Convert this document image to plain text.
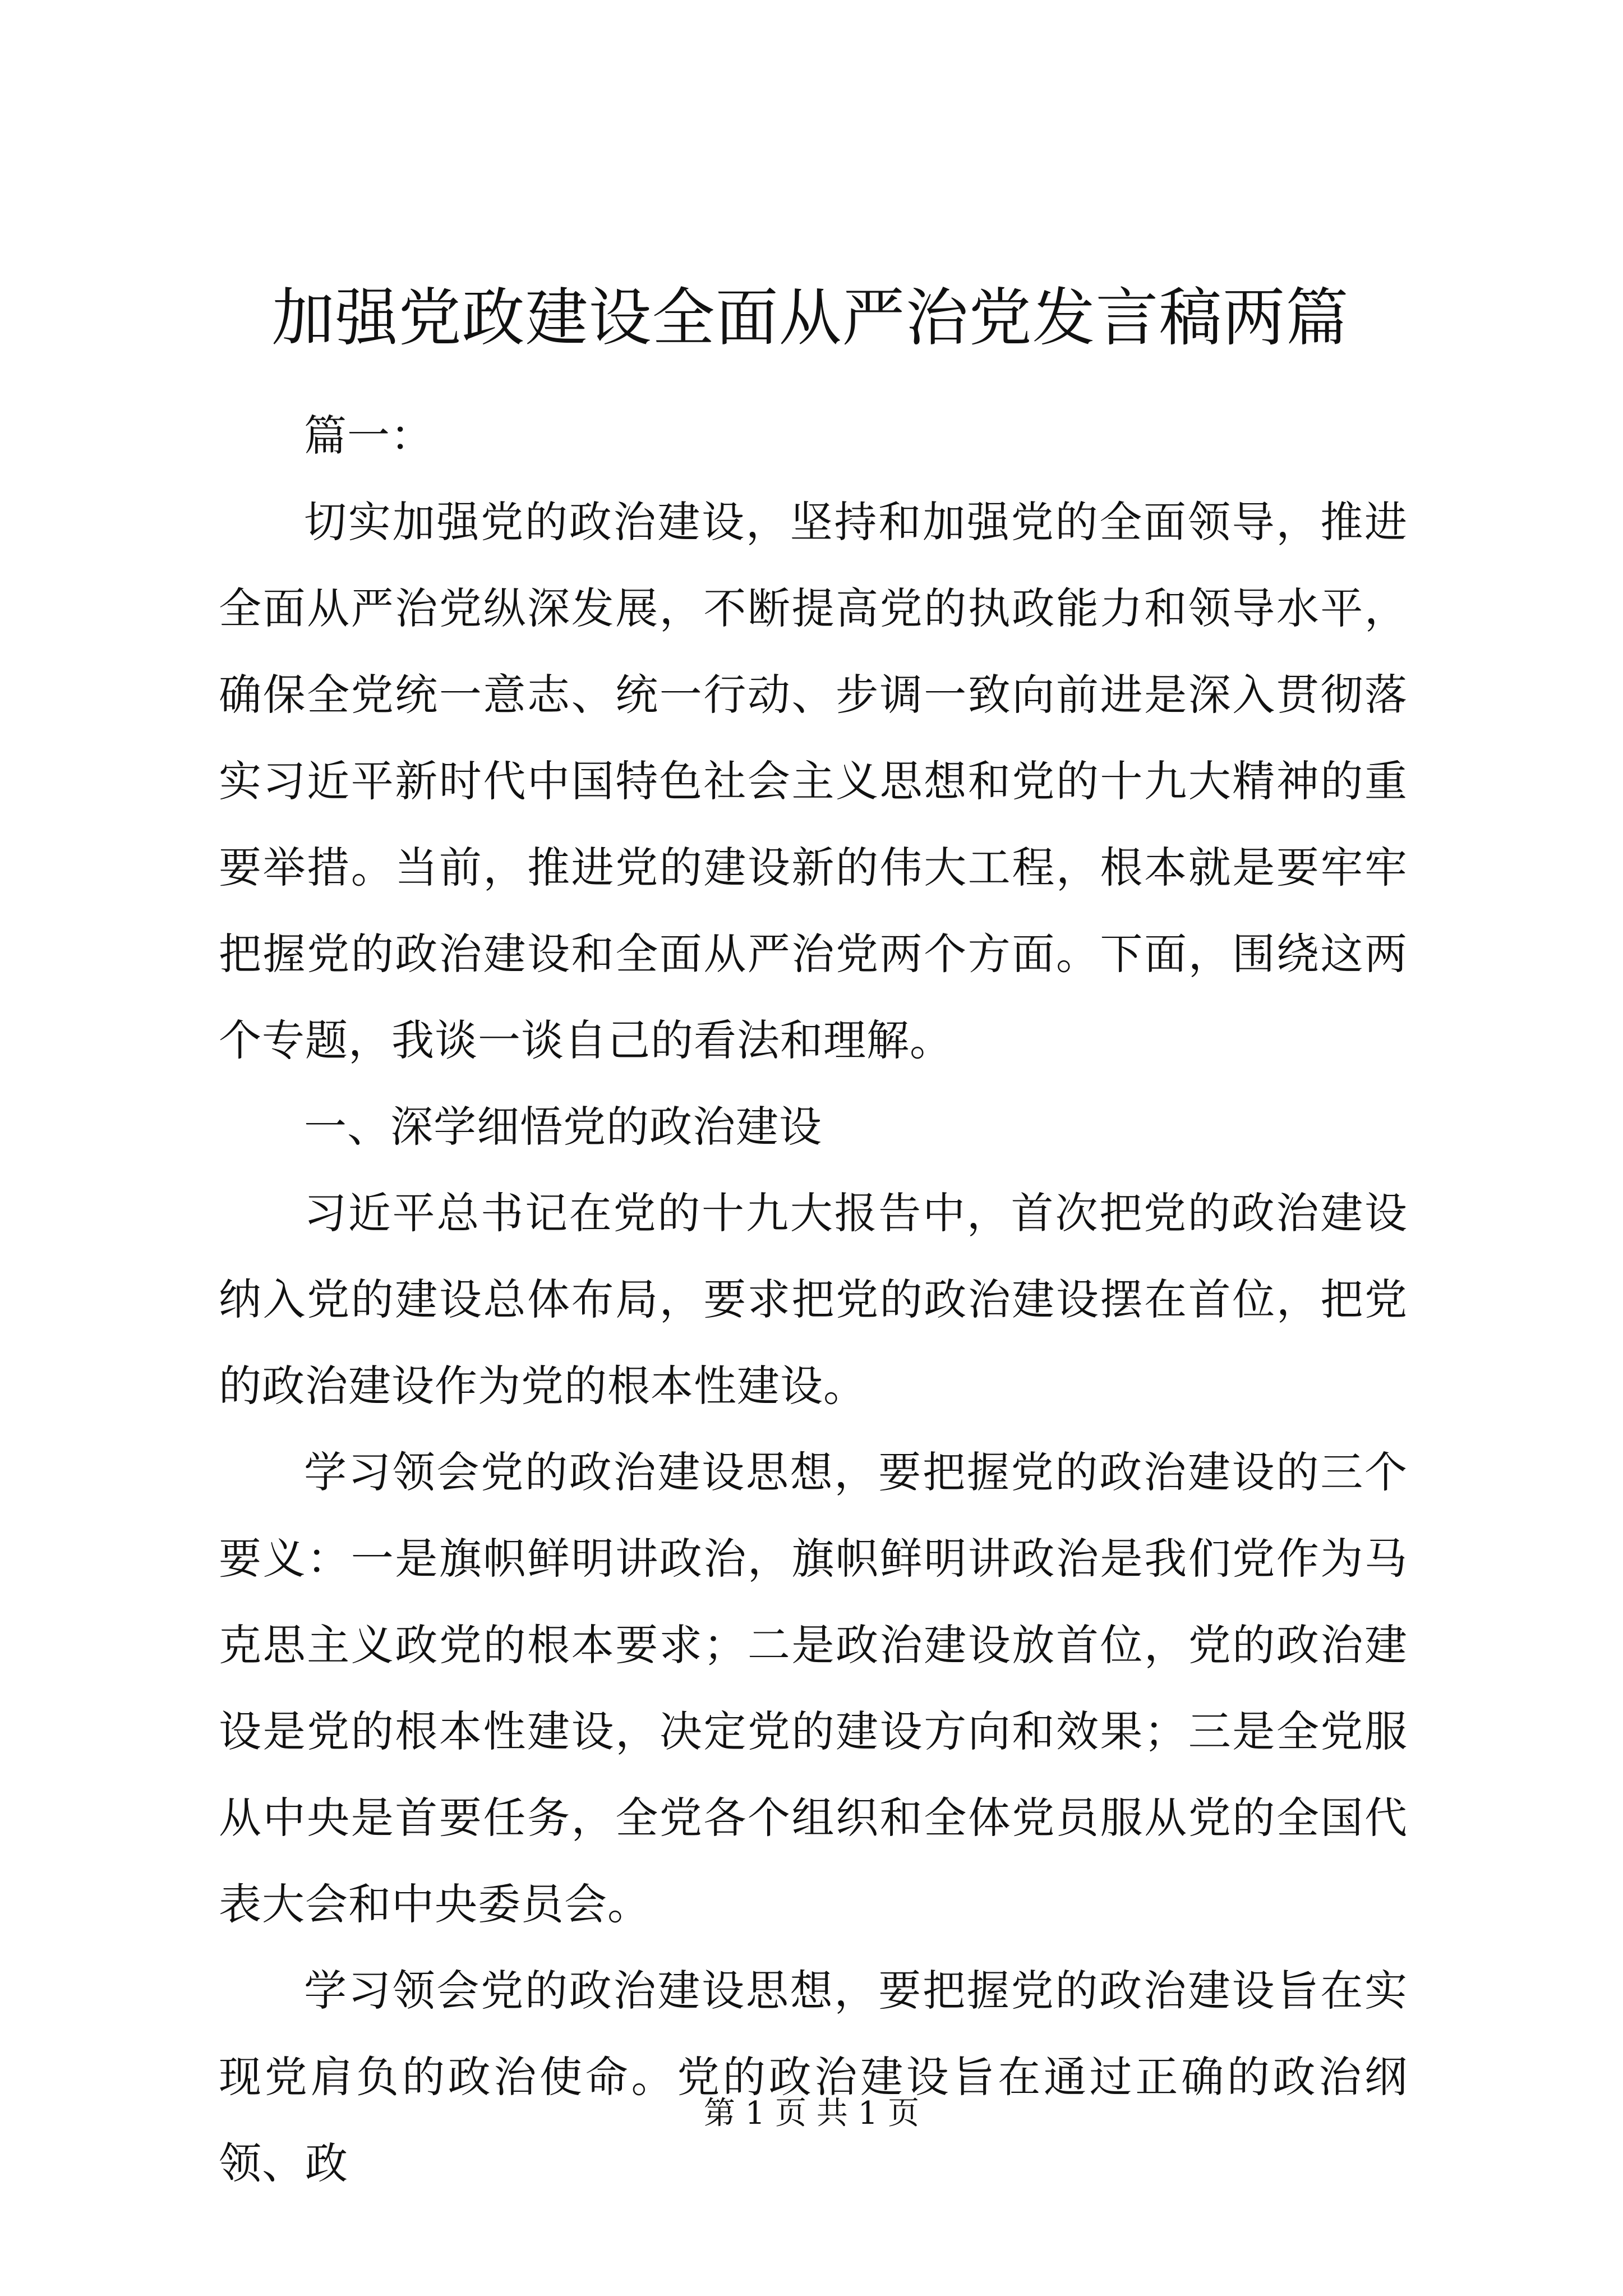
加强党政建设全面从严治党发言稿两篇

篇一：

切实加强党的政治建设，坚持和加强党的全面领导，推进全面从严治党纵深发展，不断提高党的执政能力和领导水平，确保全党统一意志、统一行动、步调一致向前进是深入贯彻落实习近平新时代中国特色社会主义思想和党的十九大精神的重要举措。当前，推进党的建设新的伟大工程，根本就是要牢牢把握党的政治建设和全面从严治党两个方面。下面，围绕这两个专题，我谈一谈自己的看法和理解。

一、深学细悟党的政治建设

习近平总书记在党的十九大报告中，首次把党的政治建设纳入党的建设总体布局，要求把党的政治建设摆在首位，把党的政治建设作为党的根本性建设。

学习领会党的政治建设思想，要把握党的政治建设的三个要义：一是旗帜鲜明讲政治，旗帜鲜明讲政治是我们党作为马克思主义政党的根本要求；二是政治建设放首位，党的政治建设是党的根本性建设，决定党的建设方向和效果；三是全党服从中央是首要任务，全党各个组织和全体党员服从党的全国代表大会和中央委员会。

学习领会党的政治建设思想，要把握党的政治建设旨在实现党肩负的政治使命。党的政治建设旨在通过正确的政治纲领、政

第 1 页 共 1 页
